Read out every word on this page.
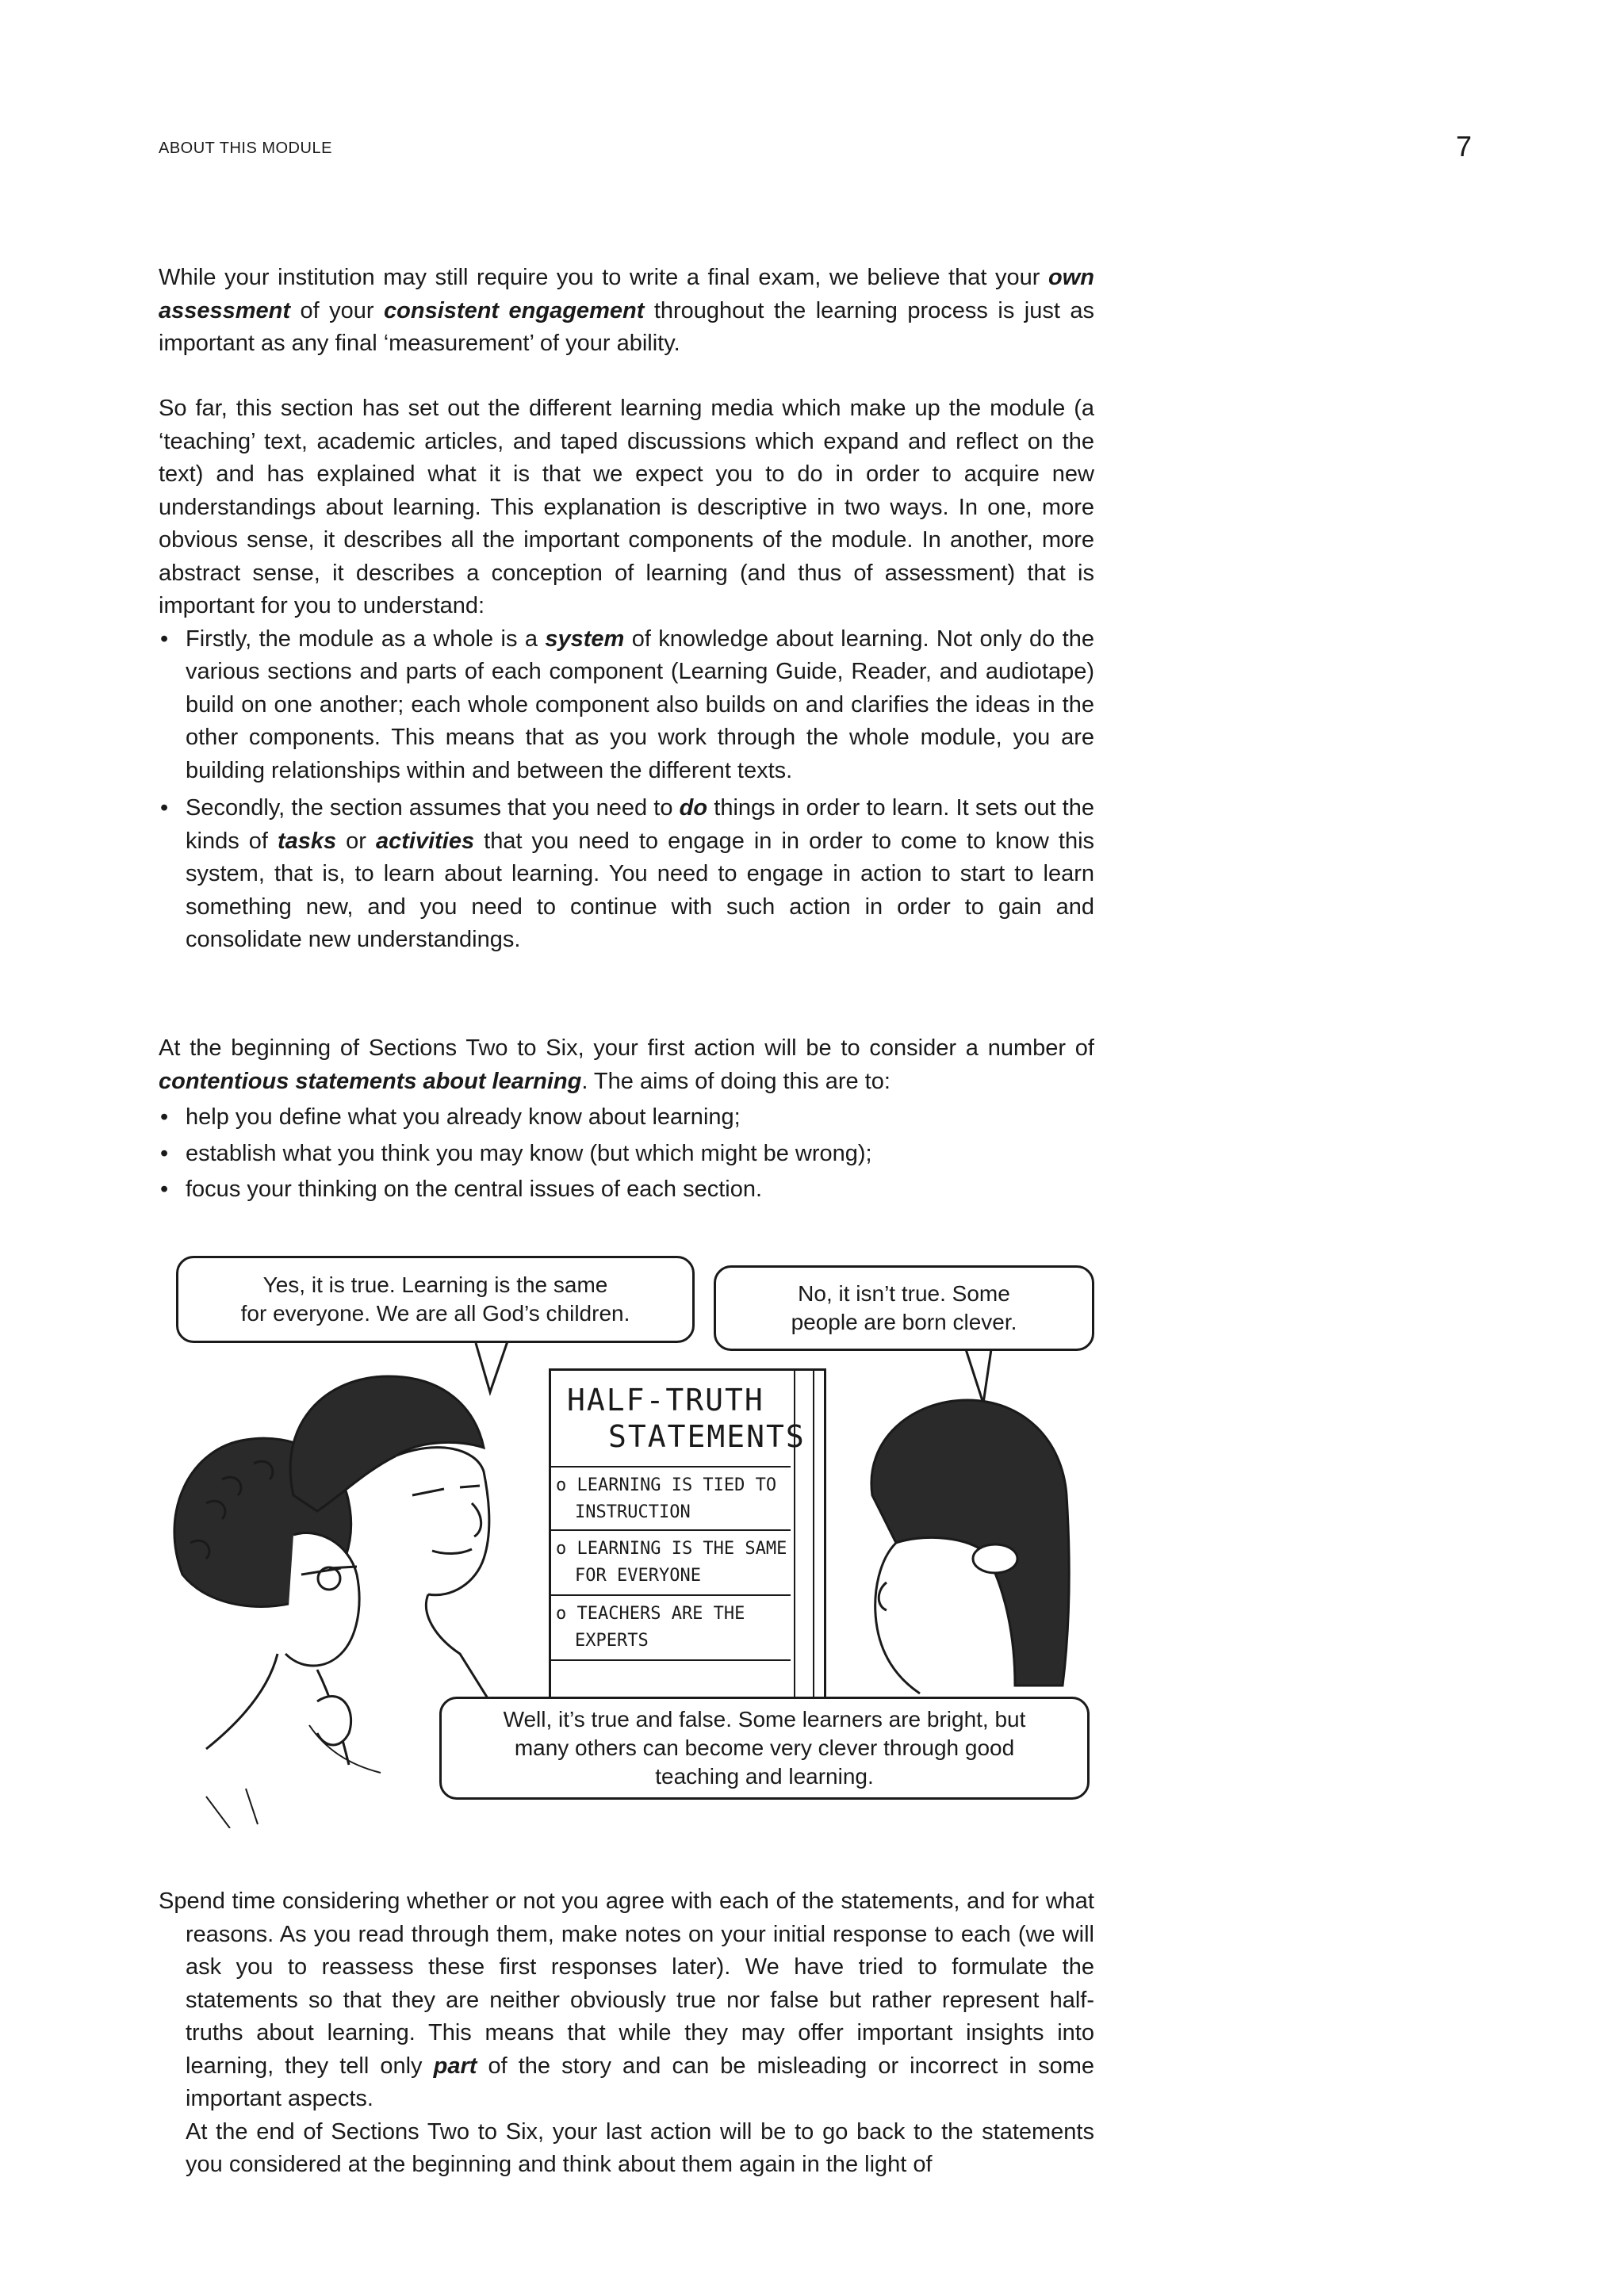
ABOUT THIS MODULE	7

While your institution may still require you to write a final exam, we believe that your own assessment of your consistent engagement throughout the learning process is just as important as any final ‘measurement’ of your ability.

So far, this section has set out the different learning media which make up the module (a ‘teaching’ text, academic articles, and taped discussions which expand and reflect on the text) and has explained what it is that we expect you to do in order to acquire new understandings about learning. This explanation is descriptive in two ways. In one, more obvious sense, it describes all the important components of the module. In another, more abstract sense, it describes a conception of learning (and thus of assessment) that is important for you to understand:

• Firstly, the module as a whole is a system of knowledge about learning. Not only do the various sections and parts of each component (Learning Guide, Reader, and audiotape) build on one another; each whole component also builds on and clarifies the ideas in the other components. This means that as you work through the whole module, you are building relationships within and between the different texts.
• Secondly, the section assumes that you need to do things in order to learn. It sets out the kinds of tasks or activities that you need to engage in in order to come to know this system, that is, to learn about learning. You need to engage in action to start to learn something new, and you need to continue with such action in order to gain and consolidate new understandings.

At the beginning of Sections Two to Six, your first action will be to consider a number of contentious statements about learning. The aims of doing this are to:

• help you define what you already know about learning;
• establish what you think you may know (but which might be wrong);
• focus your thinking on the central issues of each section.
HALF-TRUTH
STATEMENTS
o LEARNING IS TIED TO
INSTRUCTION
o LEARNING IS THE SAME
FOR EVERYONE
o TEACHERS ARE THE
EXPERTS
Yes, it is true. Learning is the same
for everyone. We are all God’s children.
No, it isn’t true. Some
people are born clever.
Well, it’s true and false. Some learners are bright, but
many others can become very clever through good
teaching and learning.

Spend time considering whether or not you agree with each of the statements, and for what reasons. As you read through them, make notes on your initial response to each (we will ask you to reassess these first responses later). We have tried to formulate the statements so that they are neither obviously true nor false but rather represent half-truths about learning. This means that while they may offer important insights into learning, they tell only part of the story and can be misleading or incorrect in some important aspects.

At the end of Sections Two to Six, your last action will be to go back to the statements you considered at the beginning and think about them again in the light of
